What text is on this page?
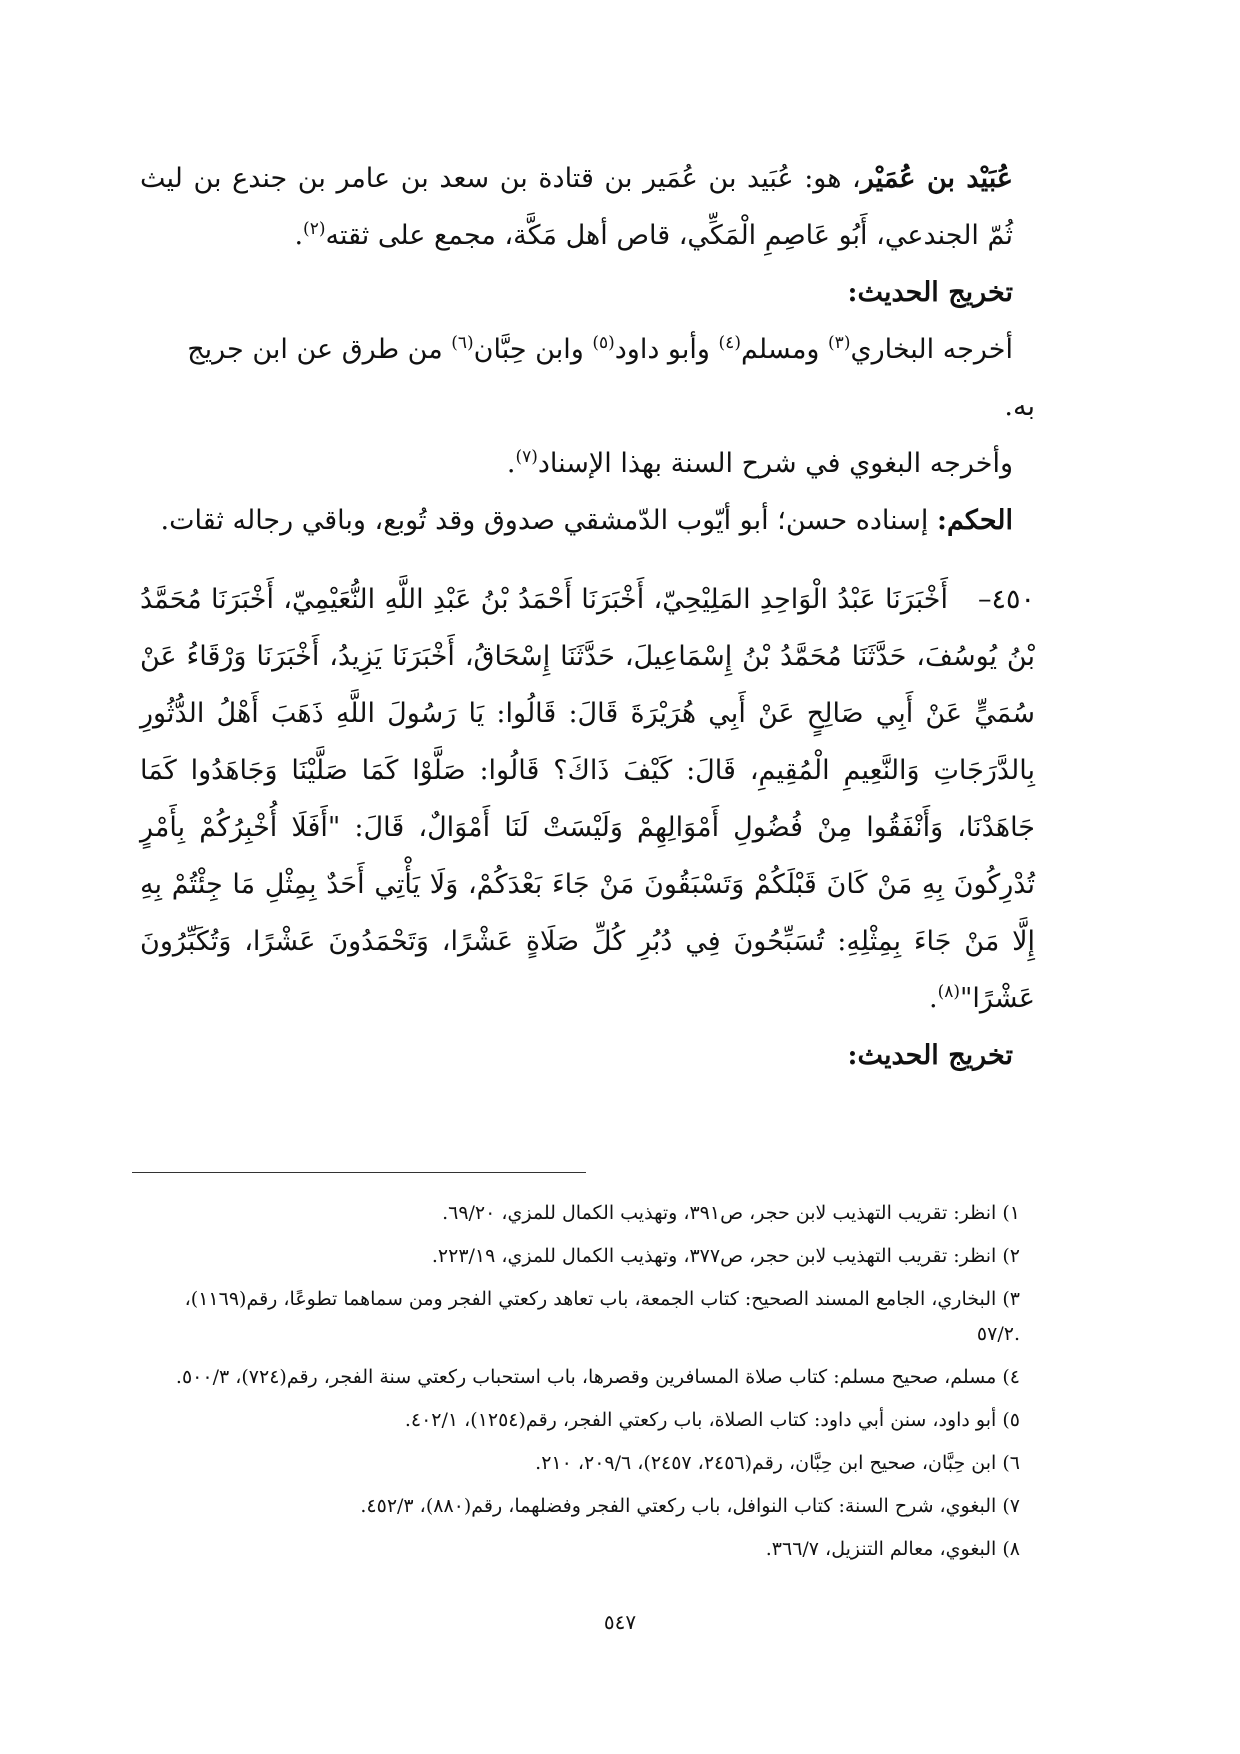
عُبَيْد بن عُمَيْر، هو: عُبَيد بن عُمَير بن قتادة بن سعد بن عامر بن جندع بن ليث ثُمّ الجندعي، أَبُو عَاصِمِ الْمَكِّي، قاص أهل مَكَّة، مجمع على ثقته$^{(٢)}$.

تخريج الحديث:

أخرجه البخاري$^{(٣)}$ ومسلم$^{(٤)}$ وأبو داود$^{(٥)}$ وابن حِبَّان$^{(٦)}$ من طرق عن ابن جريج

به.

وأخرجه البغوي في شرح السنة بهذا الإسناد$^{(٧)}$.

الحكم: إسناده حسن؛ أبو أيّوب الدّمشقي صدوق وقد تُوبع، وباقي رجاله ثقات.

٤٥٠–أَخْبَرَنَا عَبْدُ الْوَاحِدِ المَلِيْحِيّ، أَخْبَرَنَا أَحْمَدُ بْنُ عَبْدِ اللَّهِ النُّعَيْمِيّ، أَخْبَرَنَا مُحَمَّدُ بْنُ يُوسُفَ، حَدَّثَنَا مُحَمَّدُ بْنُ إِسْمَاعِيلَ، حَدَّثَنَا إِسْحَاقُ، أَخْبَرَنَا يَزِيدُ، أَخْبَرَنَا وَرْقَاءُ عَنْ سُمَيٍّ عَنْ أَبِي صَالِحٍ عَنْ أَبِي هُرَيْرَةَ قَالَ: قَالُوا: يَا رَسُولَ اللَّهِ ذَهَبَ أَهْلُ الدُّثُورِ بِالدَّرَجَاتِ وَالنَّعِيمِ الْمُقِيمِ، قَالَ: كَيْفَ ذَاكَ؟ قَالُوا: صَلَّوْا كَمَا صَلَّيْنَا وَجَاهَدُوا كَمَا جَاهَدْنَا، وَأَنْفَقُوا مِنْ فُضُولِ أَمْوَالِهِمْ وَلَيْسَتْ لَنَا أَمْوَالٌ، قَالَ: "أَفَلَا أُخْبِرُكُمْ بِأَمْرٍ تُدْرِكُونَ بِهِ مَنْ كَانَ قَبْلَكُمْ وَتَسْبَقُونَ مَنْ جَاءَ بَعْدَكُمْ، وَلَا يَأْتِي أَحَدٌ بِمِثْلِ مَا جِئْتُمْ بِهِ إِلَّا مَنْ جَاءَ بِمِثْلِهِ: تُسَبِّحُونَ فِي دُبُرِ كُلِّ صَلَاةٍ عَشْرًا، وَتَحْمَدُونَ عَشْرًا، وَتُكَبِّرُونَ عَشْرًا"$^{(٨)}$.

تخريج الحديث:

١) انظر: تقريب التهذيب لابن حجر، ص٣٩١، وتهذيب الكمال للمزي، ٦٩/٢٠.

٢) انظر: تقريب التهذيب لابن حجر، ص٣٧٧، وتهذيب الكمال للمزي، ٢٢٣/١٩.

٣) البخاري، الجامع المسند الصحيح: كتاب الجمعة، باب تعاهد ركعتي الفجر ومن سماهما تطوعًا، رقم(١١٦٩)،
.٥٧/٢

٤) مسلم، صحيح مسلم: كتاب صلاة المسافرين وقصرها، باب استحباب ركعتي سنة الفجر، رقم(٧٢٤)، ٥٠٠/٣.

٥) أبو داود، سنن أبي داود: كتاب الصلاة، باب ركعتي الفجر، رقم(١٢٥٤)، ٤٠٢/١.

٦) ابن حِبَّان، صحيح ابن حِبَّان، رقم(٢٤٥٦، ٢٤٥٧)، ٢٠٩/٦، ٢١٠.

٧) البغوي، شرح السنة: كتاب النوافل، باب ركعتي الفجر وفضلهما، رقم(٨٨٠)، ٤٥٢/٣.

٨) البغوي، معالم التنزيل، ٣٦٦/٧.

٥٤٧
